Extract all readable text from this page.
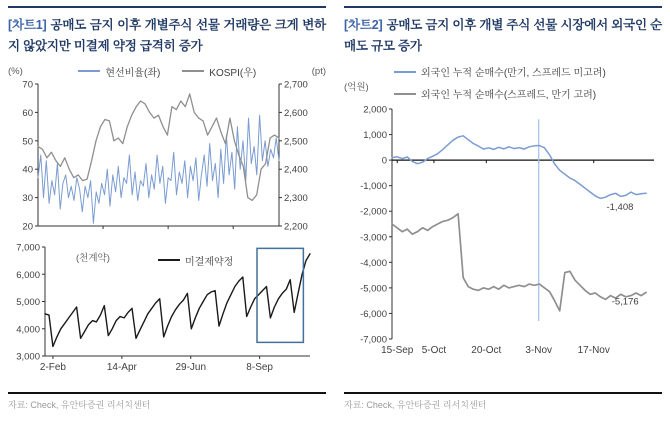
[차트1] 공매도 금지 이후 개별주식 선물 거래량은 크게 변하지 않았지만 미결제 약정 급격히 증가
(%)	현선비율(좌)	KOSPI(우)	(pt)
20
30
40
50
60
70
2,200
2,300
2,400
2,500
2,600
2,700
3,000
4,000
5,000
6,000
7,000
2-Feb	14-Apr	29-Jun	8-Sep
(천계약)	미결제약정
자료: Check, 유안타증권 리서치센터
[차트2] 공매도 금지 이후 개별 주식 선물 시장에서 외국인 순매도 규모 증가
(억원)
외국인 누적 순매수(만기, 스프레드 미고려)
외국인 누적 순매수(스프레드, 만기 고려)
-7,000
-6,000
-5,000
-4,000
-3,000
-2,000
-1,000
0
1,000
2,000
15-Sep 5-Oct	20-Oct 3-Nov	17-Nov
-1,408
-5,176
자료: Check, 유안타증권 리서치센터
